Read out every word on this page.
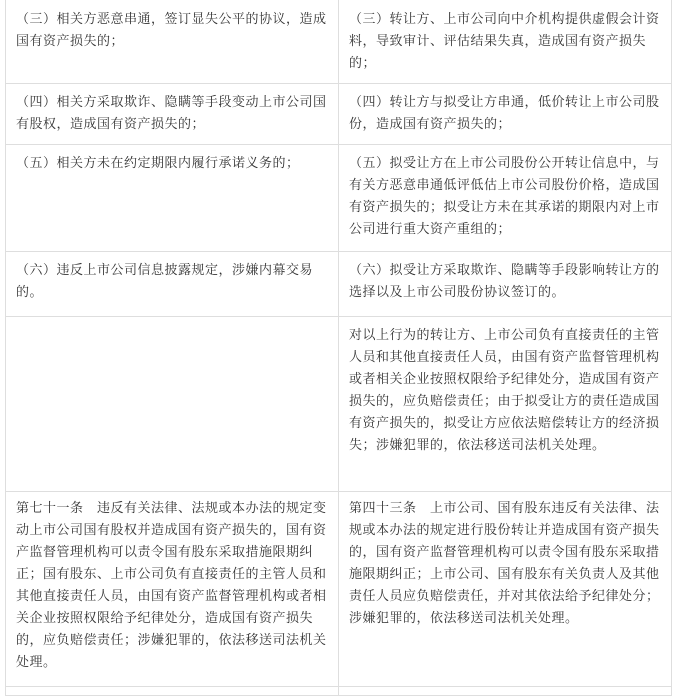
（三）相关方恶意串通，签订显失公平的协议，造成国有资产损失的；	（三）转让方、上市公司向中介机构提供虚假会计资料，导致审计、评估结果失真，造成国有资产损失的；
（四）相关方采取欺诈、隐瞒等手段变动上市公司国有股权，造成国有资产损失的；	（四）转让方与拟受让方串通，低价转让上市公司股份，造成国有资产损失的；
（五）相关方未在约定期限内履行承诺义务的；	（五）拟受让方在上市公司股份公开转让信息中，与有关方恶意串通低评低估上市公司股份价格，造成国有资产损失的；拟受让方未在其承诺的期限内对上市公司进行重大资产重组的；
（六）违反上市公司信息披露规定，涉嫌内幕交易的。	（六）拟受让方采取欺诈、隐瞒等手段影响转让方的选择以及上市公司股份协议签订的。
	对以上行为的转让方、上市公司负有直接责任的主管人员和其他直接责任人员，由国有资产监督管理机构或者相关企业按照权限给予纪律处分，造成国有资产损失的，应负赔偿责任；由于拟受让方的责任造成国有资产损失的，拟受让方应依法赔偿转让方的经济损失；涉嫌犯罪的，依法移送司法机关处理。
第七十一条　违反有关法律、法规或本办法的规定变动上市公司国有股权并造成国有资产损失的，国有资产监督管理机构可以责令国有股东采取措施限期纠正；国有股东、上市公司负有直接责任的主管人员和其他直接责任人员，由国有资产监督管理机构或者相关企业按照权限给予纪律处分，造成国有资产损失的，应负赔偿责任；涉嫌犯罪的，依法移送司法机关处理。	第四十三条　上市公司、国有股东违反有关法律、法规或本办法的规定进行股份转让并造成国有资产损失的，国有资产监督管理机构可以责令国有股东采取措施限期纠正；上市公司、国有股东有关负责人及其他责任人员应负赔偿责任，并对其依法给予纪律处分；涉嫌犯罪的，依法移送司法机关处理。
